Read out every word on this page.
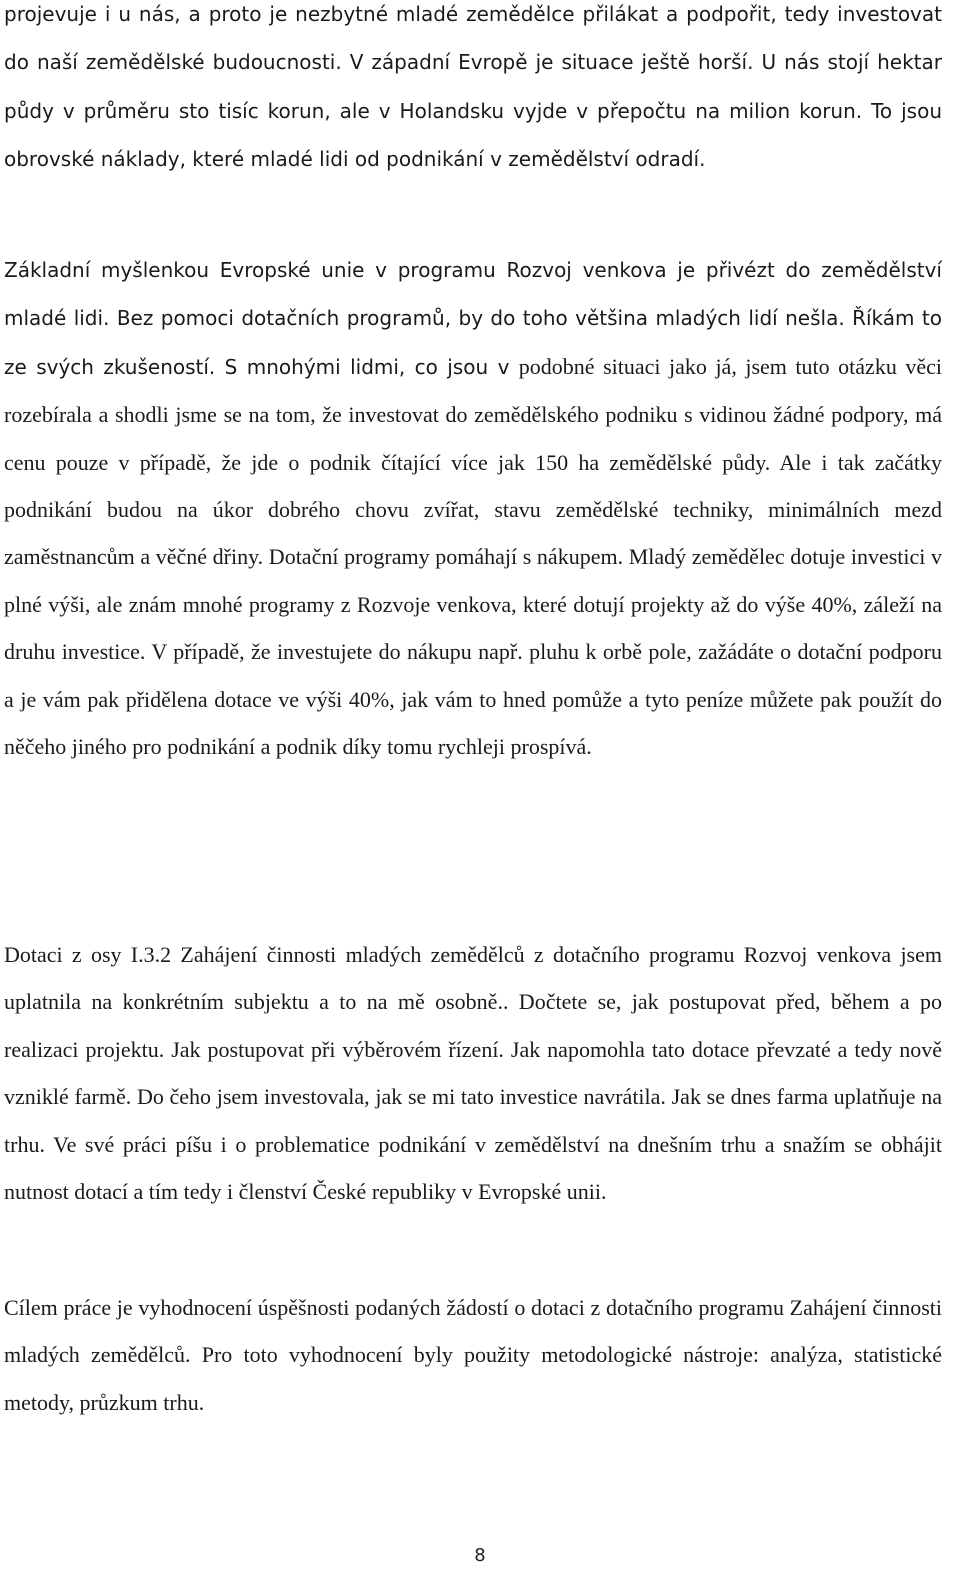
projevuje i u nás, a proto je nezbytné mladé zemědělce přilákat a podpořit, tedy investovat do naší zemědělské budoucnosti. V západní Evropě je situace ještě horší. U nás stojí hektar půdy v průměru sto tisíc korun, ale v Holandsku vyjde v přepočtu na milion korun. To jsou obrovské náklady, které mladé lidi od podnikání v zemědělství odradí.

Základní myšlenkou Evropské unie v programu Rozvoj venkova je přivézt do zemědělství mladé lidi. Bez pomoci dotačních programů, by do toho většina mladých lidí nešla. Říkám to ze svých zkušeností. S mnohými lidmi, co jsou v podobné situaci jako já, jsem tuto otázku věci rozebírala a shodli jsme se na tom, že investovat do zemědělského podniku s vidinou žádné podpory, má cenu pouze v případě, že jde o podnik čítající více jak 150 ha zemědělské půdy. Ale i tak začátky podnikání budou na úkor dobrého chovu zvířat, stavu zemědělské techniky, minimálních mezd zaměstnancům a věčné dřiny. Dotační programy pomáhají s nákupem. Mladý zemědělec dotuje investici v plné výši, ale znám mnohé programy z Rozvoje venkova, které dotují projekty až do výše 40%, záleží na druhu investice. V případě, že investujete do nákupu např. pluhu k orbě pole, zažádáte o dotační podporu a je vám pak přidělena dotace ve výši 40%, jak vám to hned pomůže a tyto peníze můžete pak použít do něčeho jiného pro podnikání a podnik díky tomu rychleji prospívá.

Dotaci z osy I.3.2 Zahájení činnosti mladých zemědělců z dotačního programu Rozvoj venkova jsem uplatnila na konkrétním subjektu a to na mě osobně.. Dočtete se, jak postupovat před, během a po realizaci projektu. Jak postupovat při výběrovém řízení. Jak napomohla tato dotace převzaté a tedy nově vzniklé farmě. Do čeho jsem investovala, jak se mi tato investice navrátila. Jak se dnes farma uplatňuje na trhu. Ve své práci píšu i o problematice podnikání v zemědělství na dnešním trhu a snažím se obhájit nutnost dotací a tím tedy i členství České republiky v Evropské unii.

Cílem práce je vyhodnocení úspěšnosti podaných žádostí o dotaci z dotačního programu Zahájení činnosti mladých zemědělců. Pro toto vyhodnocení byly použity metodologické nástroje: analýza, statistické metody, průzkum trhu.

8
